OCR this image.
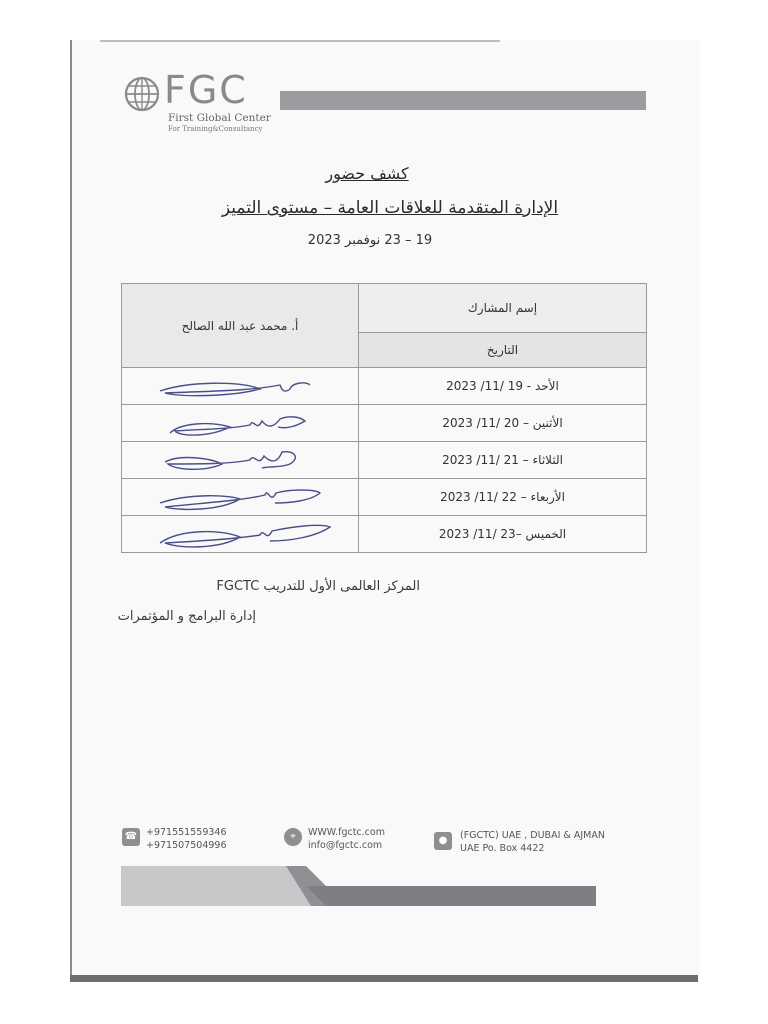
FGC
First Global Center
For Training&Consultancy
كشف حضور
الإدارة المتقدمة للعلاقات العامة – مستوى التميز
19 – 23 نوفمبر 2023
أ. محمد عبد الله الصالح	إسم المشارك
	التاريخ

	الأحد - 19 /11/ 2023

	الأثنين – 20 /11/ 2023

	الثلاثاء – 21 /11/ 2023

	الأربعاء – 22 /11/ 2023

	الخميس –23 /11/ 2023
المركز العالمى الأول للتدريب FGCTC
إدارة البرامج و المؤتمرات
☎ +971551559346
+971507504996
⌖	WWW.fgctc.com
info@fgctc.com	●	(FGCTC) UAE , DUBAI & AJMAN
UAE Po. Box 4422
